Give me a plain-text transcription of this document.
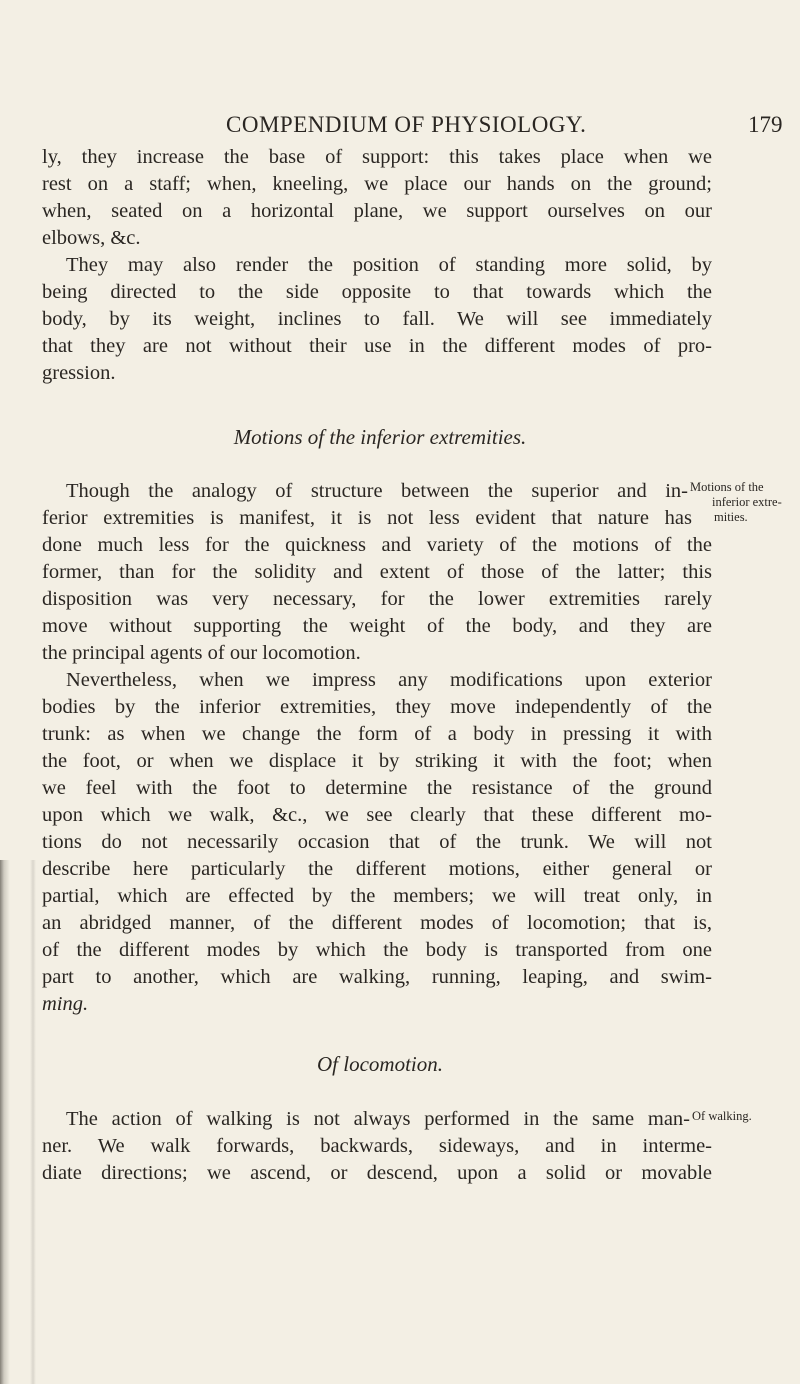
COMPENDIUM OF PHYSIOLOGY.	179
ly, they increase the base of support: this takes place when we
rest on a staff; when, kneeling, we place our hands on the ground;
when, seated on a horizontal plane, we support ourselves on our
elbows, &c.
They may also render the position of standing more solid, by
being directed to the side opposite to that towards which the
body, by its weight, inclines to fall. We will see immediately
that they are not without their use in the different modes of pro-
gression.
Motions of the inferior extremities.
Though the analogy of structure between the superior and in-
ferior extremities is manifest, it is not less evident that nature has
done much less for the quickness and variety of the motions of the
former, than for the solidity and extent of those of the latter; this
disposition was very necessary, for the lower extremities rarely
move without supporting the weight of the body, and they are
the principal agents of our locomotion.
Nevertheless, when we impress any modifications upon exterior
bodies by the inferior extremities, they move independently of the
trunk: as when we change the form of a body in pressing it with
the foot, or when we displace it by striking it with the foot; when
we feel with the foot to determine the resistance of the ground
upon which we walk, &c., we see clearly that these different mo-
tions do not necessarily occasion that of the trunk. We will not
describe here particularly the different motions, either general or
partial, which are effected by the members; we will treat only, in
an abridged manner, of the different modes of locomotion; that is,
of the different modes by which the body is transported from one
part to another, which are walking, running, leaping, and swim-
ming.
Of locomotion.
The action of walking is not always performed in the same man-
ner. We walk forwards, backwards, sideways, and in interme-
diate directions; we ascend, or descend, upon a solid or movable
Motions of the
inferior extre-
mities.
Of walking.
